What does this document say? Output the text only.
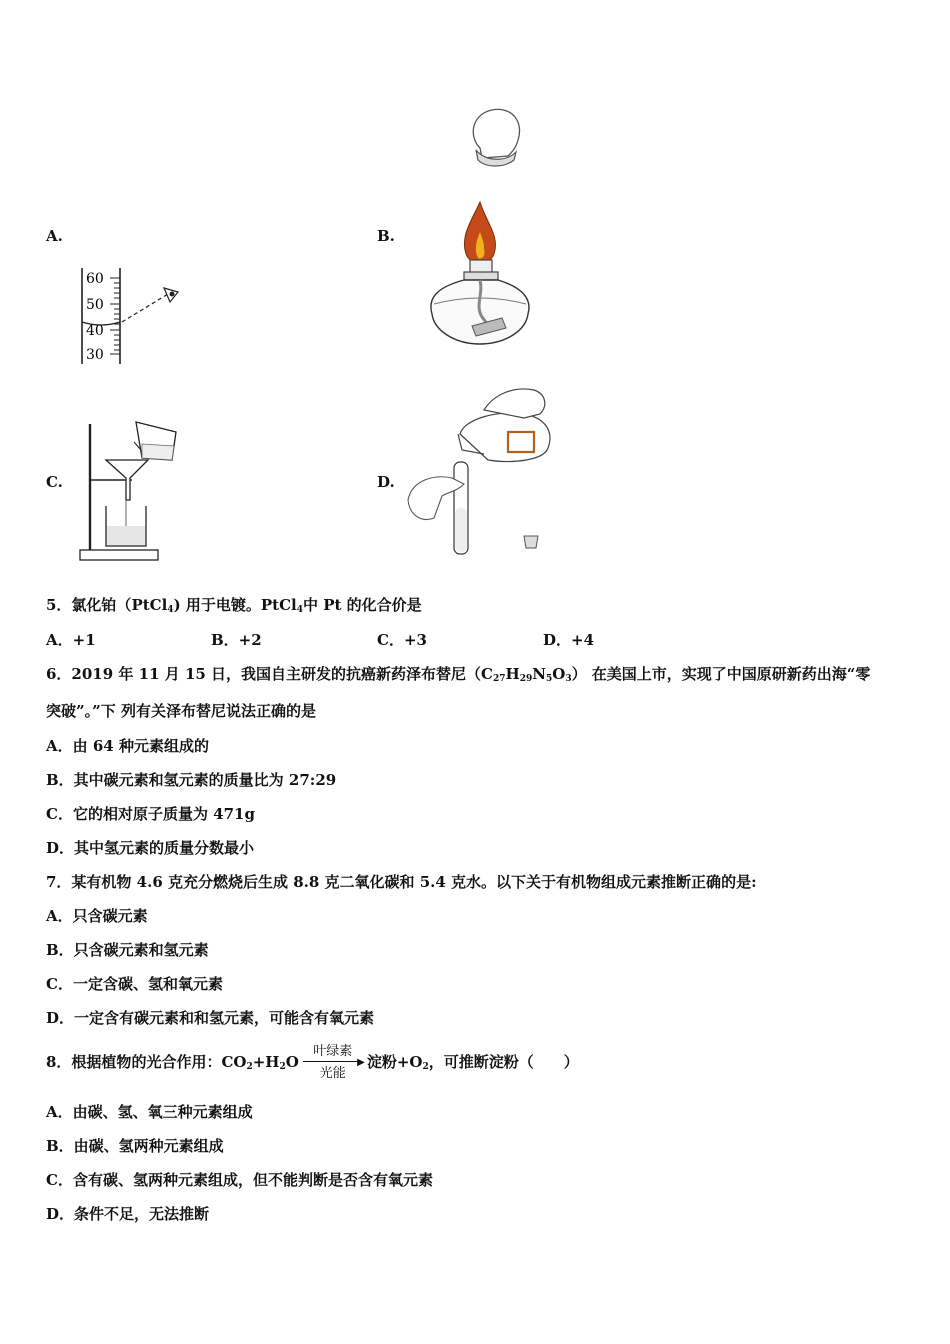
A.
60
50
40
30
B.
C.	D.
5．氯化铂（PtCl$_4$) 用于电镀。PtCl$_4$中 Pt 的化合价是
A．+1	B．+2	C．+3	D．+4
6．2019 年 11 月 15 日，我国自主研发的抗癌新药泽布替尼$(C_{27}H_{29}N_5O_3)$ 在美国上市，实现了中国原研新药出海“零
突破”。”下 列有关泽布替尼说法正确的是
A．由 64 种元素组成的
B．其中碳元素和氢元素的质量比为 27:29
C．它的相对原子质量为 471g
D．其中氢元素的质量分数最小
7．某有机物 4.6 克充分燃烧后生成 8.8 克二氧化碳和 5.4 克水。以下关于有机物组成元素推断正确的是:
A．只含碳元素
B．只含碳元素和氢元素
C．一定含碳、氢和氧元素
D．一定含有碳元素和和氢元素，可能含有氧元素
8．根据植物的光合作用：$CO_2+H_2O$
叶绿素
▶
光能
淀粉$+O_2$，可推断淀粉（　　）
A．由碳、氢、氧三种元素组成
B．由碳、氢两种元素组成
C．含有碳、氢两种元素组成，但不能判断是否含有氧元素
D．条件不足，无法推断
